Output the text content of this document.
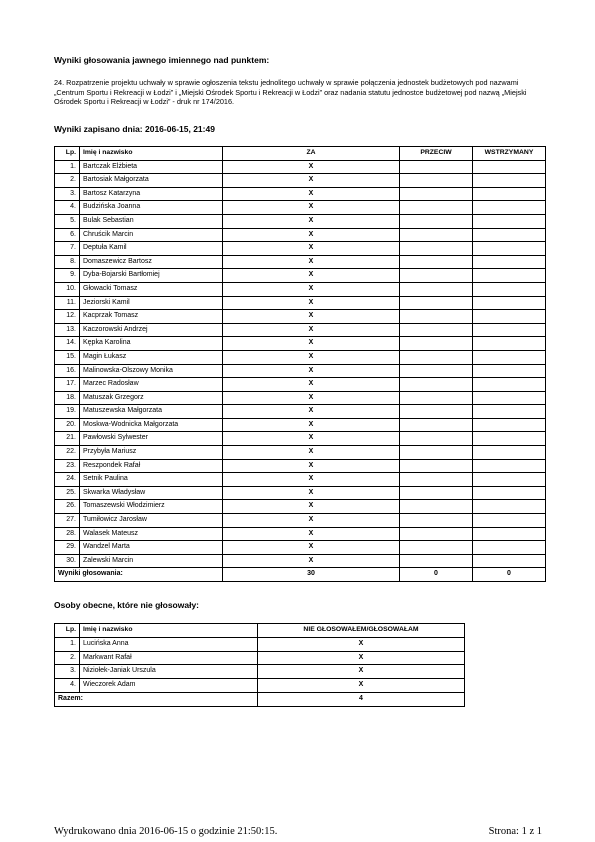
Wyniki głosowania jawnego imiennego nad punktem:

24. Rozpatrzenie projektu uchwały w sprawie ogłoszenia tekstu jednolitego uchwały w sprawie połączenia jednostek budżetowych pod nazwami „Centrum Sportu i Rekreacji w Łodzi” i „Miejski Ośrodek Sportu i Rekreacji w Łodzi” oraz nadania statutu jednostce budżetowej pod nazwą „Miejski Ośrodek Sportu i Rekreacji w Łodzi” - druk nr 174/2016.

Wyniki zapisano dnia: 2016-06-15, 21:49

Lp.	Imię i nazwisko	ZA	PRZECIW	WSTRZYMANY
1.	Bartczak Elżbieta	X		
2.	Bartosiak Małgorzata	X		
3.	Bartosz Katarzyna	X		
4.	Budzińska Joanna	X		
5.	Bulak Sebastian	X		
6.	Chruścik Marcin	X		
7.	Deptuła Kamil	X		
8.	Domaszewicz Bartosz	X		
9.	Dyba-Bojarski Bartłomiej	X		
10.	Głowacki Tomasz	X		
11.	Jeziorski Kamil	X		
12.	Kacprzak Tomasz	X		
13.	Kaczorowski Andrzej	X		
14.	Kępka Karolina	X		
15.	Magin Łukasz	X		
16.	Malinowska-Olszowy Monika	X		
17.	Marzec Radosław	X		
18.	Matuszak Grzegorz	X		
19.	Matuszewska Małgorzata	X		
20.	Moskwa-Wodnicka Małgorzata	X		
21.	Pawłowski Sylwester	X		
22.	Przybyła Mariusz	X		
23.	Reszpondek Rafał	X		
24.	Setnik Paulina	X		
25.	Skwarka Władysław	X		
26.	Tomaszewski Włodzimierz	X		
27.	Tumiłowicz Jarosław	X		
28.	Walasek Mateusz	X		
29.	Wandzel Marta	X		
30.	Zalewski Marcin	X		
Wyniki głosowania:		30	0	0

Osoby obecne, które nie głosowały:

Lp.	Imię i nazwisko	NIE GŁOSOWAŁEM/GŁOSOWAŁAM
1.	Lucińska Anna	X
2.	Markwant Rafał	X
3.	Niziołek-Janiak Urszula	X
4.	Wieczorek Adam	X
Razem:		4
Wydrukowano dnia 2016-06-15 o godzinie 21:50:15.	Strona: 1 z 1
